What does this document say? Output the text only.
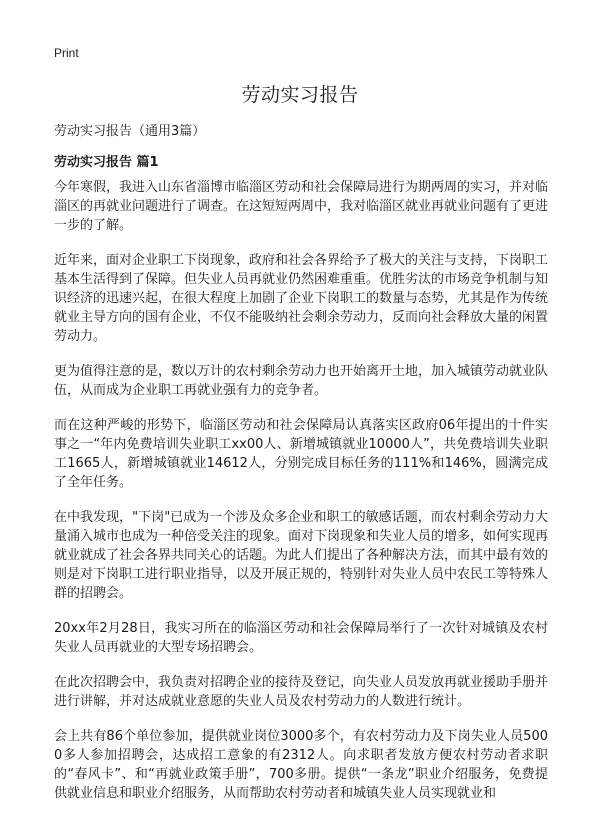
Print
劳动实习报告

劳动实习报告（通用3篇）

劳动实习报告 篇1

今年寒假，我进入山东省淄博市临淄区劳动和社会保障局进行为期两周的实习，并对临淄区的再就业问题进行了调查。在这短短两周中，我对临淄区就业再就业问题有了更进一步的了解。

近年来，面对企业职工下岗现象，政府和社会各界给予了极大的关注与支持，下岗职工基本生活得到了保障。但失业人员再就业仍然困难重重。优胜劣汰的市场竞争机制与知识经济的迅速兴起，在很大程度上加剧了企业下岗职工的数量与态势，尤其是作为传统就业主导方向的国有企业，不仅不能吸纳社会剩余劳动力，反而向社会释放大量的闲置劳动力。

更为值得注意的是，数以万计的农村剩余劳动力也开始离开土地，加入城镇劳动就业队伍，从而成为企业职工再就业强有力的竞争者。

而在这种严峻的形势下，临淄区劳动和社会保障局认真落实区政府06年提出的十件实事之一“年内免费培训失业职工xx00人、新增城镇就业10000人”，共免费培训失业职工1665人，新增城镇就业14612人，分别完成目标任务的111%和146%，圆满完成了全年任务。

在中我发现，"下岗"已成为一个涉及众多企业和职工的敏感话题，而农村剩余劳动力大量涌入城市也成为一种倍受关注的现象。面对下岗现象和失业人员的增多，如何实现再就业就成了社会各界共同关心的话题。为此人们提出了各种解决方法，而其中最有效的则是对下岗职工进行职业指导，以及开展正规的，特别针对失业人员中农民工等特殊人群的招聘会。

20xx年2月28日，我实习所在的临淄区劳动和社会保障局举行了一次针对城镇及农村失业人员再就业的大型专场招聘会。

在此次招聘会中，我负责对招聘企业的接待及登记，向失业人员发放再就业援助手册并进行讲解，并对达成就业意愿的失业人员及农村劳动力的人数进行统计。

会上共有86个单位参加，提供就业岗位3000多个，有农村劳动力及下岗失业人员5000多人参加招聘会，达成招工意象的有2312人。向求职者发放方便农村劳动者求职的“春风卡”、和“再就业政策手册”，700多册。提供“一条龙”职业介绍服务，免费提供就业信息和职业介绍服务，从而帮助农村劳动者和城镇失业人员实现就业和
